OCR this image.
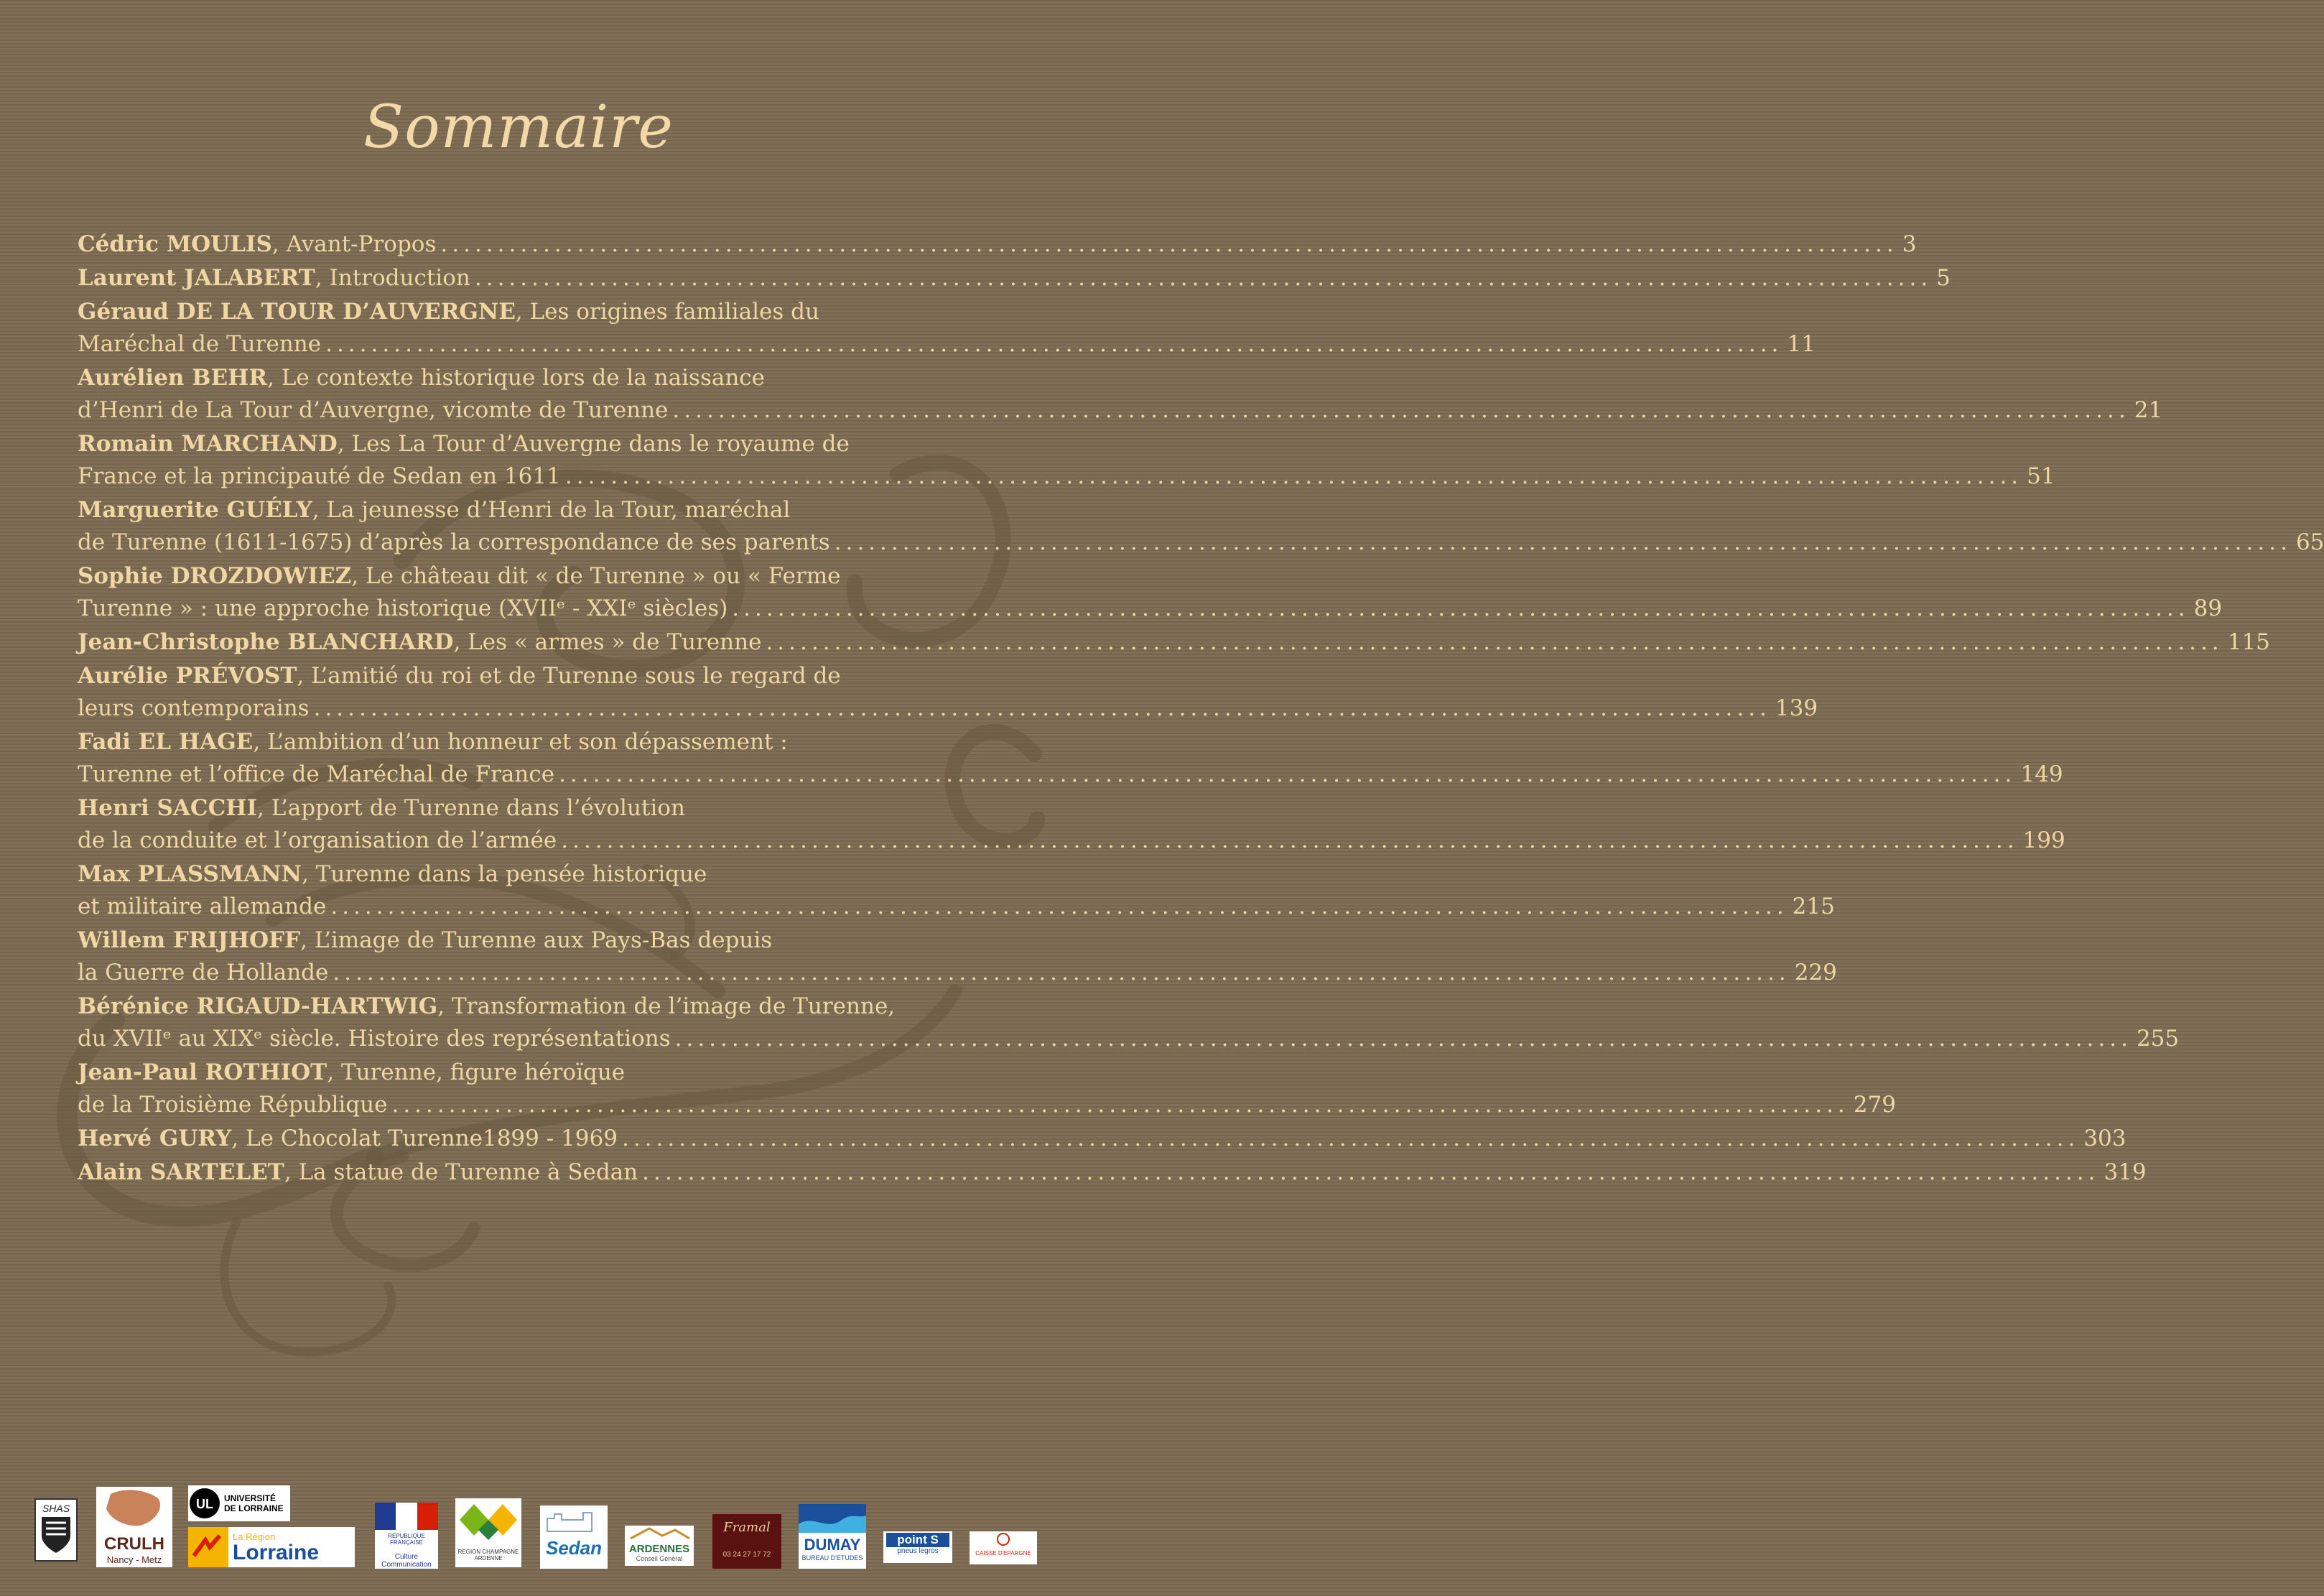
Sommaire
Cédric MOULIS , Avant-Propos ................................................................................................................................ 3
Laurent JALABERT , Introduction ................................................................................................................................ 5
Géraud DE LA TOUR D’AUVERGNE , Les origines familiales du
Maréchal de Turenne ................................................................................................................................ 11
Aurélien BEHR , Le contexte historique lors de la naissance
d’Henri de La Tour d’Auvergne, vicomte de Turenne ................................................................................................................................ 21
Romain MARCHAND , Les La Tour d’Auvergne dans le royaume de
France et la principauté de Sedan en 1611 ................................................................................................................................ 51
Marguerite GUÉLY , La jeunesse d’Henri de la Tour, maréchal
de Turenne (1611-1675) d’après la correspondance de ses parents ................................................................................................................................ 65
Sophie DROZDOWIEZ , Le château dit « de Turenne » ou « Ferme
Turenne » : une approche historique (XVIIᵉ - XXIᵉ siècles) ................................................................................................................................ 89
Jean-Christophe BLANCHARD , Les « armes » de Turenne ................................................................................................................................ 115
Aurélie PRÉVOST , L’amitié du roi et de Turenne sous le regard de
leurs contemporains ................................................................................................................................ 139
Fadi EL HAGE , L’ambition d’un honneur et son dépassement :
Turenne et l’office de Maréchal de France ................................................................................................................................ 149
Henri SACCHI , L’apport de Turenne dans l’évolution
de la conduite et l’organisation de l’armée ................................................................................................................................ 199
Max PLASSMANN , Turenne dans la pensée historique
et militaire allemande ................................................................................................................................ 215
Willem FRIJHOFF , L’image de Turenne aux Pays-Bas depuis
la Guerre de Hollande ................................................................................................................................ 229
Bérénice RIGAUD-HARTWIG , Transformation de l’image de Turenne,
du XVIIᵉ au XIXᵉ siècle. Histoire des représentations ................................................................................................................................ 255
Jean-Paul ROTHIOT , Turenne, figure héroïque
de la Troisième République ................................................................................................................................ 279
Hervé GURY , Le Chocolat Turenne1899 - 1969 ................................................................................................................................ 303
Alain SARTELET , La statue de Turenne à Sedan ................................................................................................................................ 319
SHAS
CRULH
Nancy - Metz
UL UNIVERSITÉ
DE LORRAINE
La Région
Lorraine
RÉPUBLIQUE FRANÇAISE
Culture Communication
RÉGION CHAMPAGNE ARDENNE	Sedan	ARDENNES
Conseil Général
Framal
03 24 27 17 72
DUMAY
BUREAU D'ETUDES
point S
pneus legros	CAISSE D'EPARGNE
